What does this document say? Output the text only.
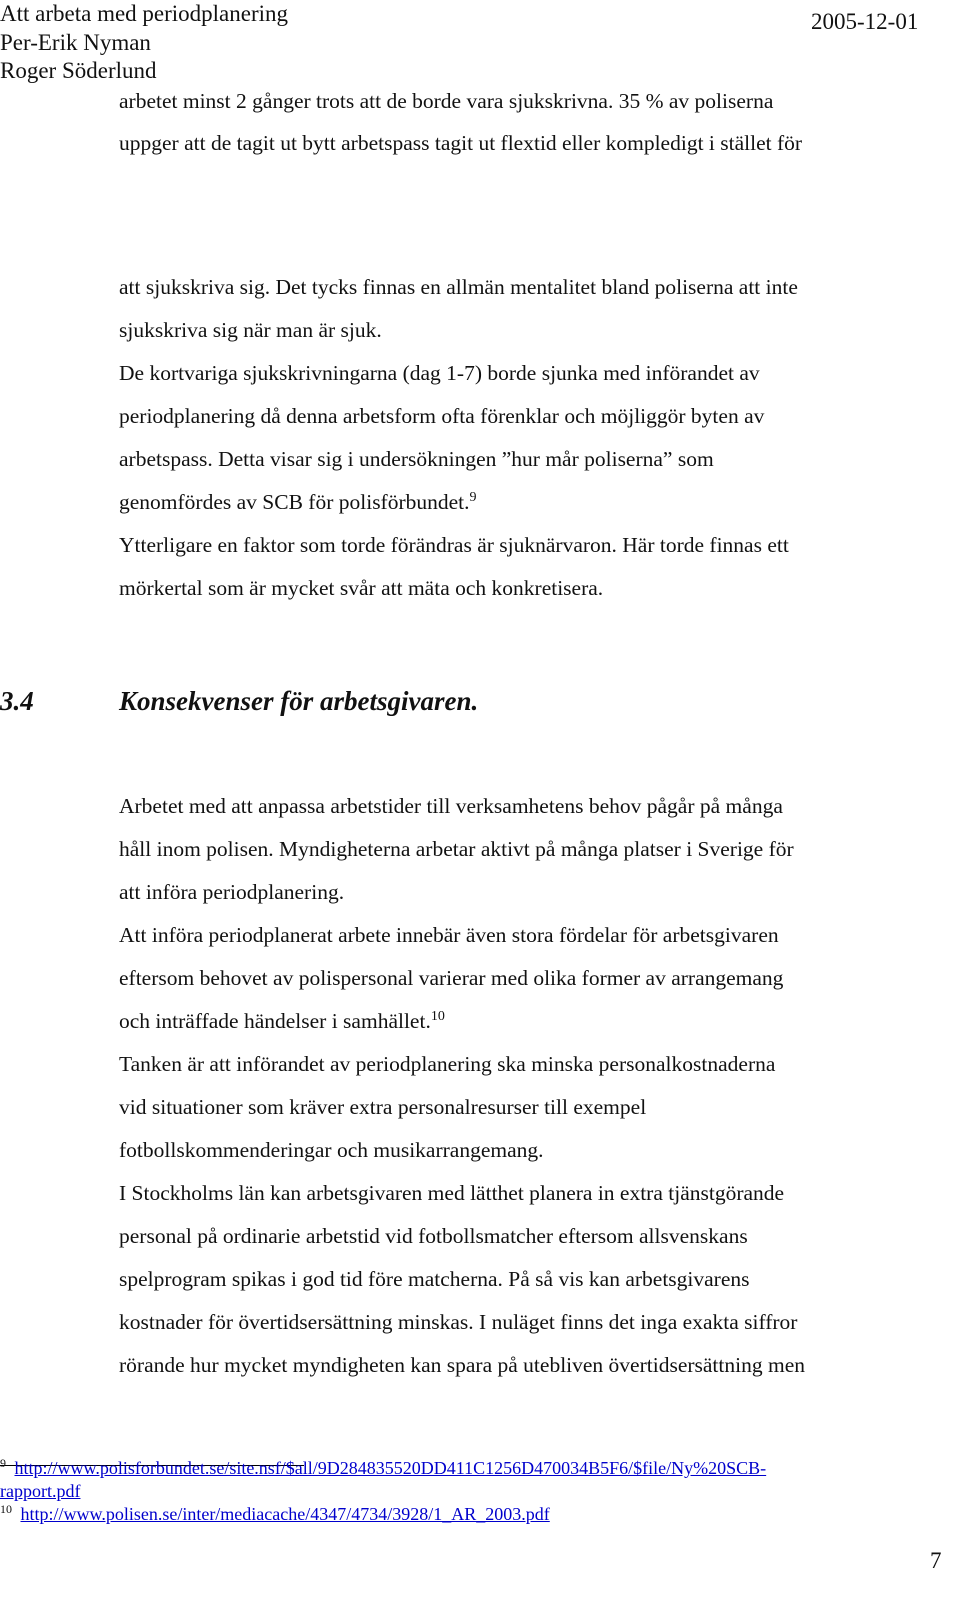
Att arbeta med periodplanering
Per-Erik Nyman
Roger Söderlund
2005-12-01
arbetet minst 2 gånger trots att de borde vara sjukskrivna. 35 % av poliserna
uppger att de tagit ut bytt arbetspass tagit ut flextid eller kompledigt i stället för
att sjukskriva sig. Det tycks finnas en allmän mentalitet bland poliserna att inte
sjukskriva sig när man är sjuk.
De kortvariga sjukskrivningarna (dag 1-7) borde sjunka med införandet av
periodplanering då denna arbetsform ofta förenklar och möjliggör byten av
arbetspass. Detta visar sig i undersökningen ”hur mår poliserna” som
genomfördes av SCB för polisförbundet.$^9$
Ytterligare en faktor som torde förändras är sjuknärvaron. Här torde finnas ett
mörkertal som är mycket svår att mäta och konkretisera.
3.4	Konsekvenser för arbetsgivaren.
Arbetet med att anpassa arbetstider till verksamhetens behov pågår på många
håll inom polisen. Myndigheterna arbetar aktivt på många platser i Sverige för
att införa periodplanering.
Att införa periodplanerat arbete innebär även stora fördelar för arbetsgivaren
eftersom behovet av polispersonal varierar med olika former av arrangemang
och inträffade händelser i samhället.$^{10}$
Tanken är att införandet av periodplanering ska minska personalkostnaderna
vid situationer som kräver extra personalresurser till exempel
fotbollskommenderingar och musikarrangemang.
I Stockholms län kan arbetsgivaren med lätthet planera in extra tjänstgörande
personal på ordinarie arbetstid vid fotbollsmatcher eftersom allsvenskans
spelprogram spikas i god tid före matcherna. På så vis kan arbetsgivarens
kostnader för övertidsersättning minskas. I nuläget finns det inga exakta siffror
rörande hur mycket myndigheten kan spara på utebliven övertidsersättning men
$^9$ http://www.polisforbundet.se/site.nsf/$all/9D284835520DD411C1256D470034B5F6/$file/Ny%20SCB-
rapport.pdf
$^{10}$ http://www.polisen.se/inter/mediacache/4347/4734/3928/1_AR_2003.pdf
7
